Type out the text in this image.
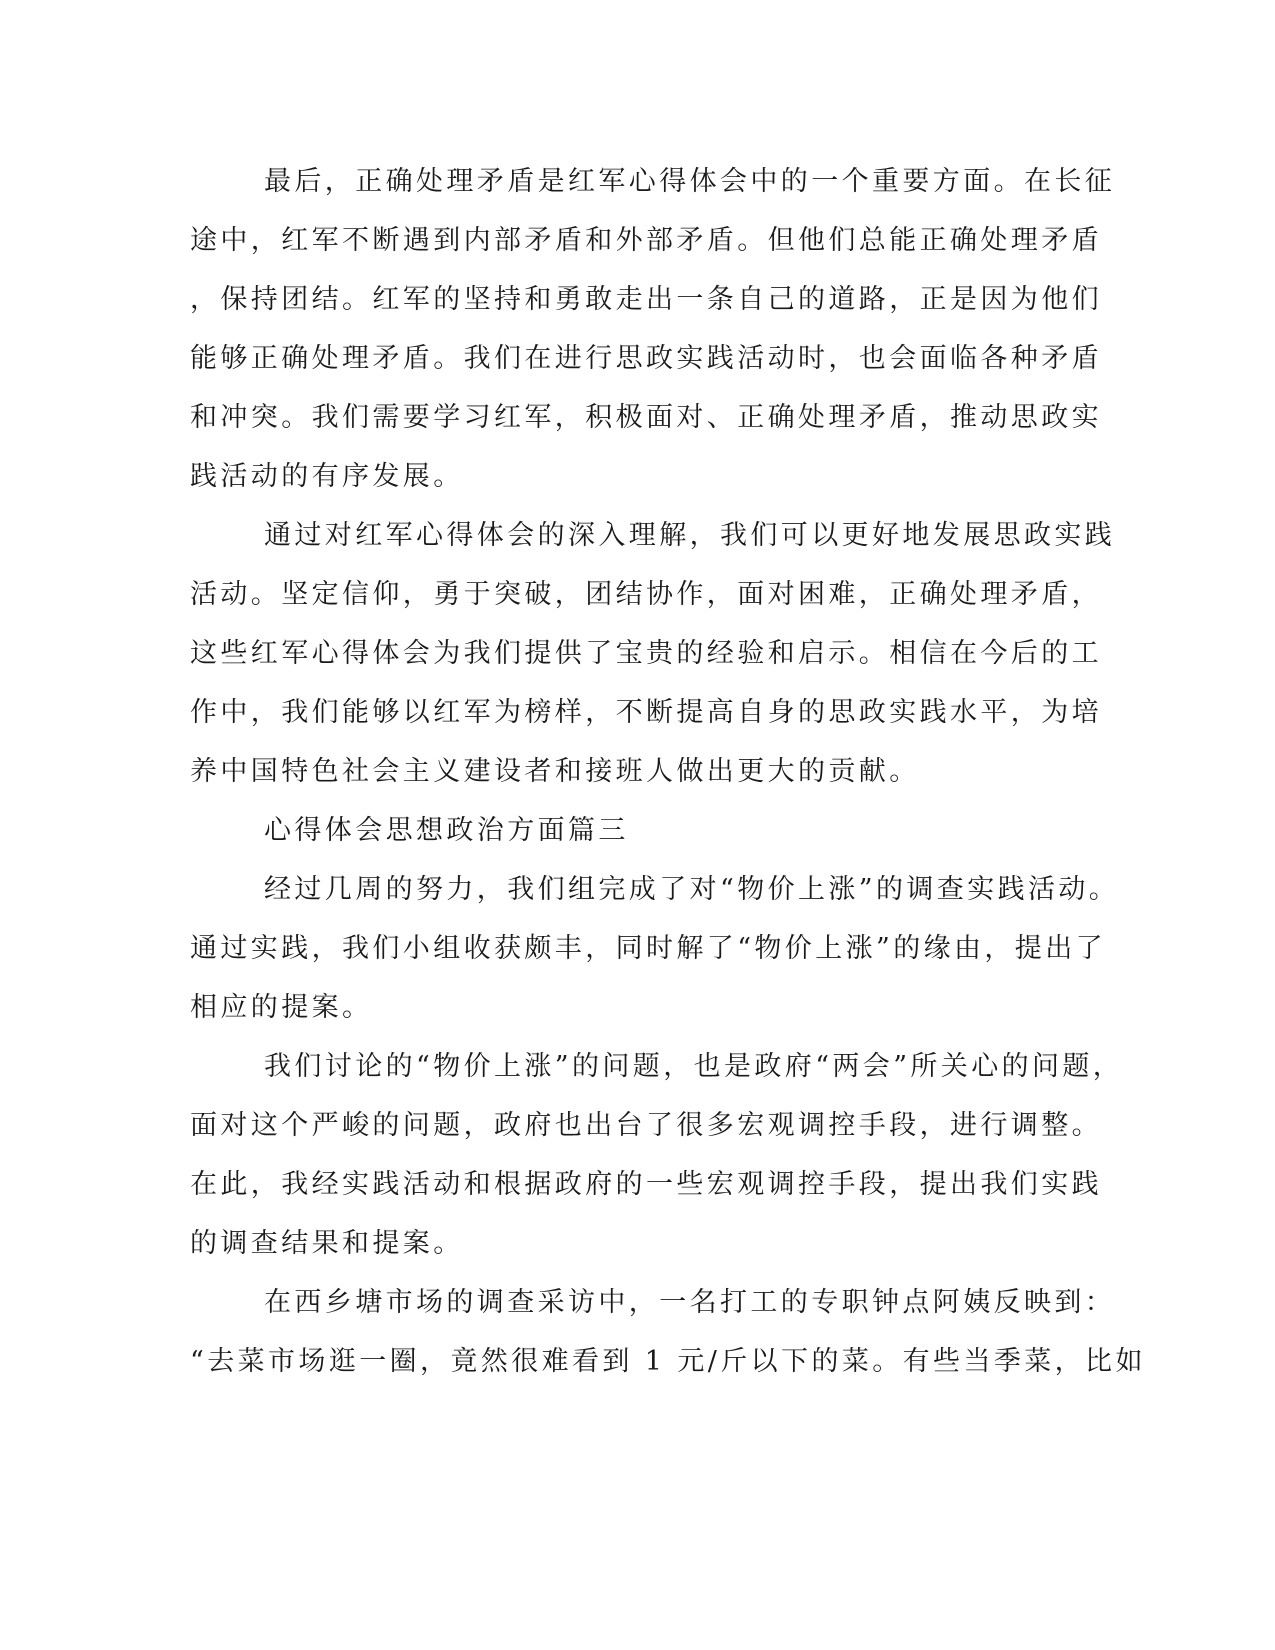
最后，正确处理矛盾是红军心得体会中的一个重要方面。在长征
途中，红军不断遇到内部矛盾和外部矛盾。但他们总能正确处理矛盾
，保持团结。红军的坚持和勇敢走出一条自己的道路，正是因为他们
能够正确处理矛盾。我们在进行思政实践活动时，也会面临各种矛盾
和冲突。我们需要学习红军，积极面对、正确处理矛盾，推动思政实
践活动的有序发展。
通过对红军心得体会的深入理解，我们可以更好地发展思政实践
活动。坚定信仰，勇于突破，团结协作，面对困难，正确处理矛盾，
这些红军心得体会为我们提供了宝贵的经验和启示。相信在今后的工
作中，我们能够以红军为榜样，不断提高自身的思政实践水平，为培
养中国特色社会主义建设者和接班人做出更大的贡献。
心得体会思想政治方面篇三
经过几周的努力，我们组完成了对“物价上涨”的调查实践活动。
通过实践，我们小组收获颇丰，同时解了“物价上涨”的缘由，提出了
相应的提案。
我们讨论的“物价上涨”的问题，也是政府“两会”所关心的问题，
面对这个严峻的问题，政府也出台了很多宏观调控手段，进行调整。
在此，我经实践活动和根据政府的一些宏观调控手段，提出我们实践
的调查结果和提案。
在西乡塘市场的调查采访中，一名打工的专职钟点阿姨反映到：
“去菜市场逛一圈，竟然很难看到 1 元/斤以下的菜。有些当季菜，比如
